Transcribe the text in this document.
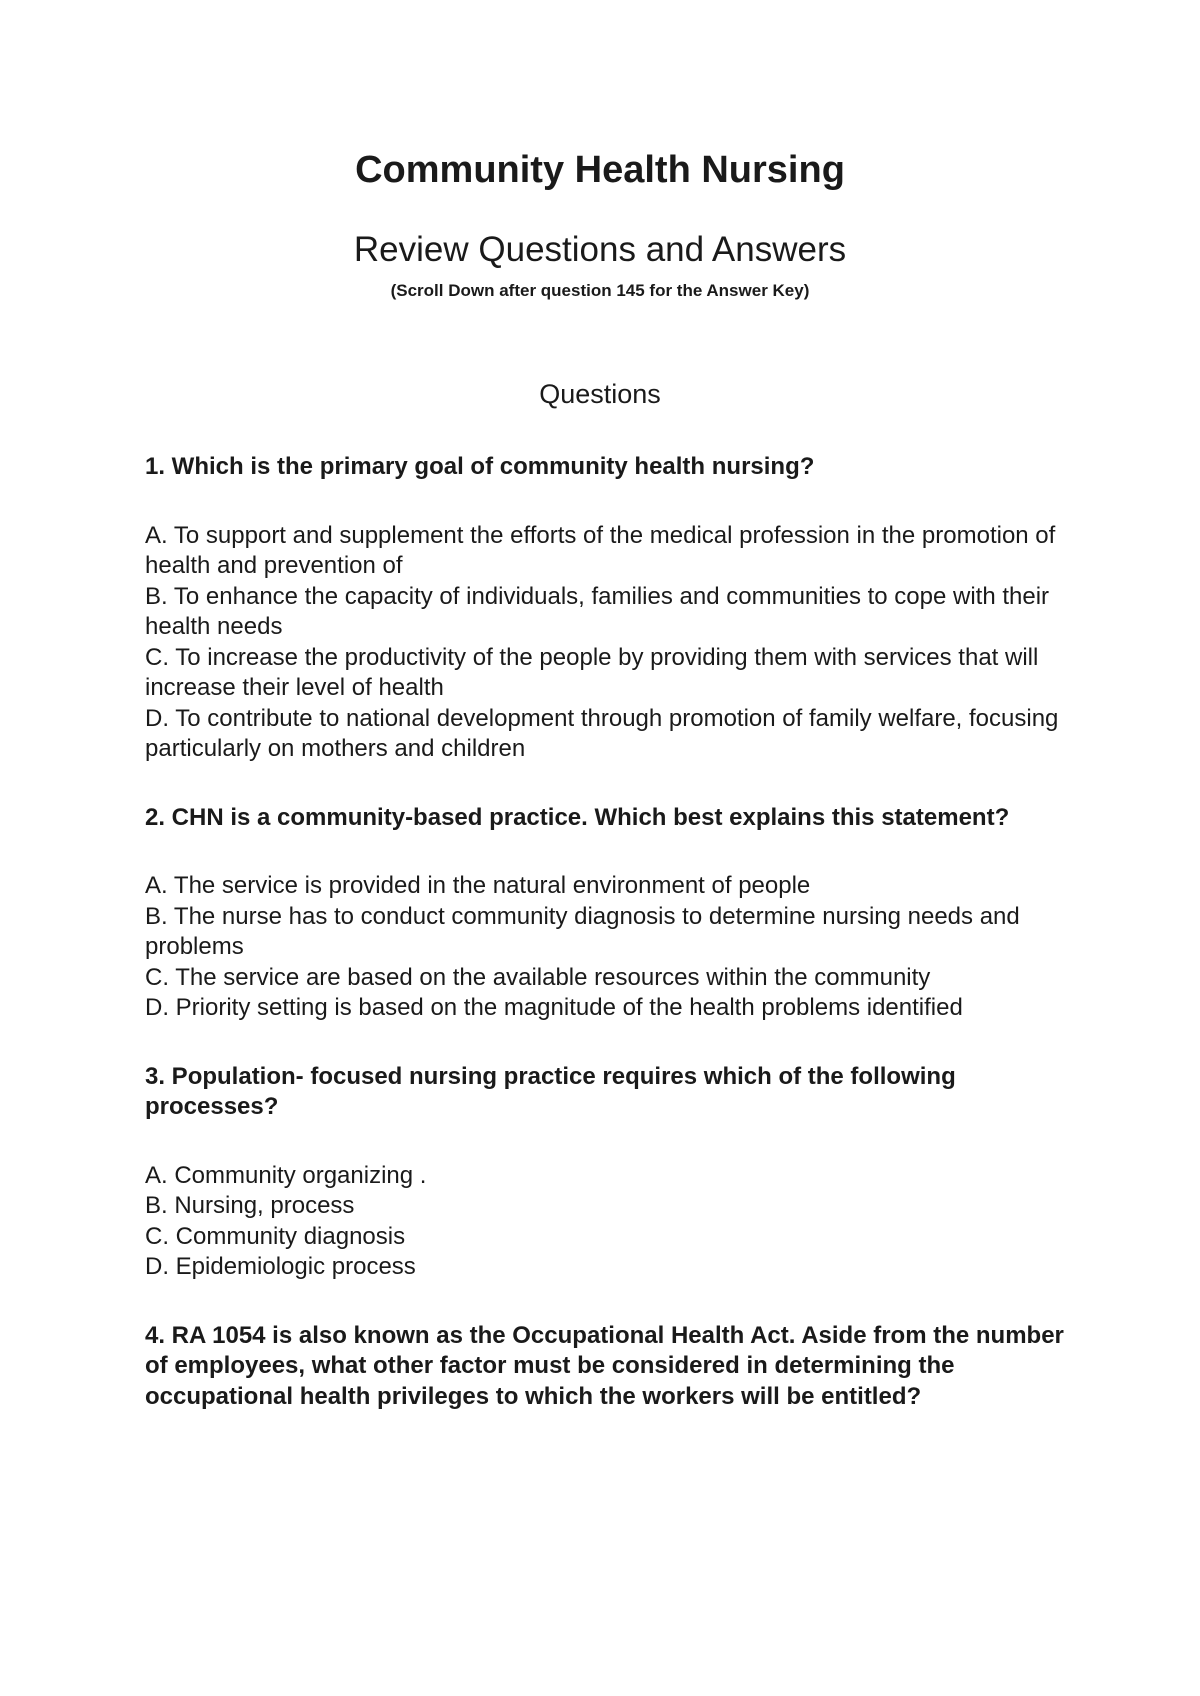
Community Health Nursing
Review Questions and Answers
(Scroll Down after question 145 for the Answer Key)
Questions
1. Which is the primary goal of community health nursing?
A. To support and supplement the efforts of the medical profession in the promotion of health and prevention of
B. To enhance the capacity of individuals, families and communities to cope with their health needs
C. To increase the productivity of the people by providing them with services that will increase their level of health
D. To contribute to national development through promotion of family welfare, focusing particularly on mothers and children
2. CHN is a community-based practice. Which best explains this statement?
A. The service is provided in the natural environment of people
B. The nurse has to conduct community diagnosis to determine nursing needs and problems
C. The service are based on the available resources within the community
D. Priority setting is based on the magnitude of the health problems identified
3. Population- focused nursing practice requires which of the following processes?
A. Community organizing .
B. Nursing, process
C. Community diagnosis
D. Epidemiologic process
4. RA 1054 is also known as the Occupational Health Act. Aside from the number of employees, what other factor must be considered in determining the occupational health privileges to which the workers will be entitled?
